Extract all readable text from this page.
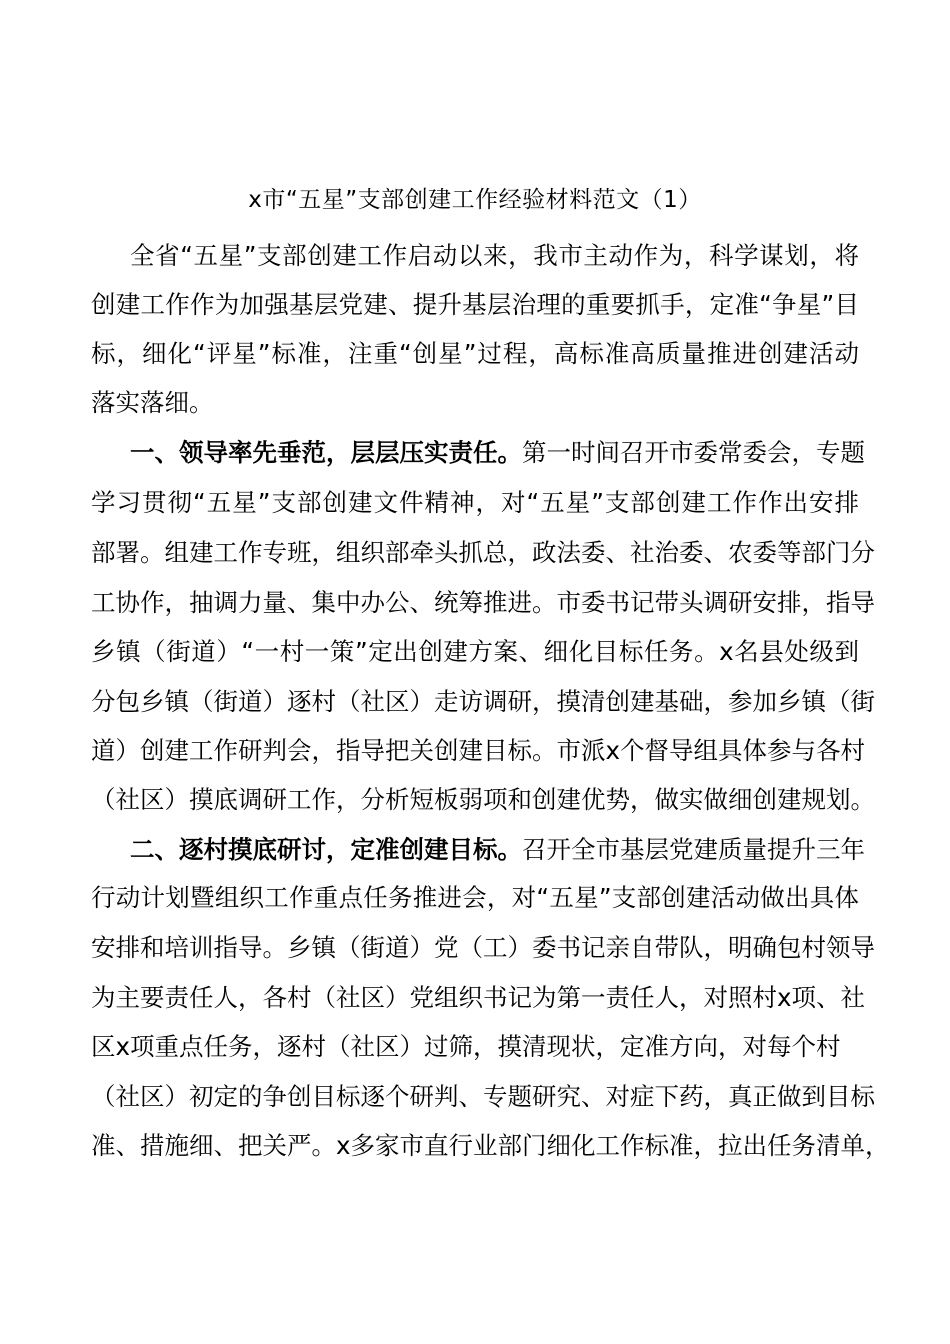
x市“五星”支部创建工作经验材料范文（1）
全省“五星”支部创建工作启动以来，我市主动作为，科学谋划，将
创建工作作为加强基层党建、提升基层治理的重要抓手，定准“争星”目
标，细化“评星”标准，注重“创星”过程，高标准高质量推进创建活动
落实落细。
一、领导率先垂范，层层压实责任。第一时间召开市委常委会，专题
学习贯彻“五星”支部创建文件精神，对“五星”支部创建工作作出安排
部署。组建工作专班，组织部牵头抓总，政法委、社治委、农委等部门分
工协作，抽调力量、集中办公、统筹推进。市委书记带头调研安排，指导
乡镇（街道）“一村一策”定出创建方案、细化目标任务。x名县处级到
分包乡镇（街道）逐村（社区）走访调研，摸清创建基础，参加乡镇（街
道）创建工作研判会，指导把关创建目标。市派x个督导组具体参与各村
（社区）摸底调研工作，分析短板弱项和创建优势，做实做细创建规划。
二、逐村摸底研讨，定准创建目标。召开全市基层党建质量提升三年
行动计划暨组织工作重点任务推进会，对“五星”支部创建活动做出具体
安排和培训指导。乡镇（街道）党（工）委书记亲自带队，明确包村领导
为主要责任人，各村（社区）党组织书记为第一责任人，对照村x项、社
区x项重点任务，逐村（社区）过筛，摸清现状，定准方向，对每个村
（社区）初定的争创目标逐个研判、专题研究、对症下药，真正做到目标
准、措施细、把关严。x多家市直行业部门细化工作标准，拉出任务清单，
